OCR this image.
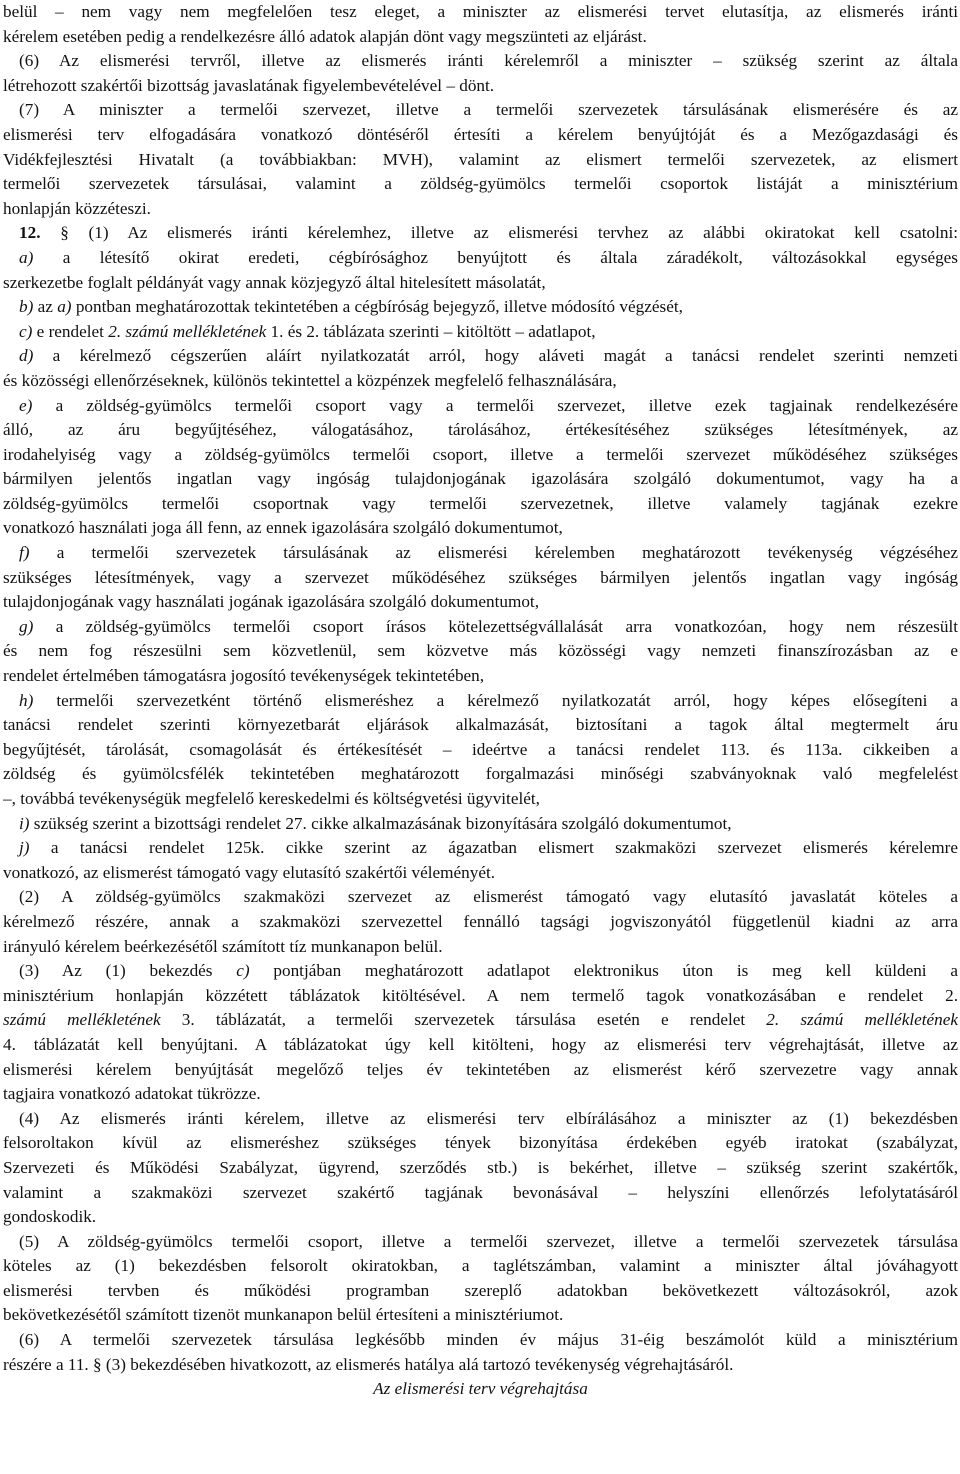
belül – nem vagy nem megfelelően tesz eleget, a miniszter az elismerési tervet elutasítja, az elismerés iránti
kérelem esetében pedig a rendelkezésre álló adatok alapján dönt vagy megszünteti az eljárást.
(6) Az elismerési tervről, illetve az elismerés iránti kérelemről a miniszter – szükség szerint az általa
létrehozott szakértői bizottság javaslatának figyelembevételével – dönt.
(7) A miniszter a termelői szervezet, illetve a termelői szervezetek társulásának elismerésére és az
elismerési terv elfogadására vonatkozó döntéséről értesíti a kérelem benyújtóját és a Mezőgazdasági és
Vidékfejlesztési Hivatalt (a továbbiakban: MVH), valamint az elismert termelői szervezetek, az elismert
termelői szervezetek társulásai, valamint a zöldség-gyümölcs termelői csoportok listáját a minisztérium
honlapján közzéteszi.
12. § (1) Az elismerés iránti kérelemhez, illetve az elismerési tervhez az alábbi okiratokat kell csatolni:
a) a létesítő okirat eredeti, cégbírósághoz benyújtott és általa záradékolt, változásokkal egységes
szerkezetbe foglalt példányát vagy annak közjegyző által hitelesített másolatát,
b) az a) pontban meghatározottak tekintetében a cégbíróság bejegyző, illetve módosító végzését,
c) e rendelet 2. számú mellékletének 1. és 2. táblázata szerinti – kitöltött – adatlapot,
d) a kérelmező cégszerűen aláírt nyilatkozatát arról, hogy aláveti magát a tanácsi rendelet szerinti nemzeti
és közösségi ellenőrzéseknek, különös tekintettel a közpénzek megfelelő felhasználására,
e) a zöldség-gyümölcs termelői csoport vagy a termelői szervezet, illetve ezek tagjainak rendelkezésére
álló, az áru begyűjtéséhez, válogatásához, tárolásához, értékesítéséhez szükséges létesítmények, az
irodahelyiség vagy a zöldség-gyümölcs termelői csoport, illetve a termelői szervezet működéséhez szükséges
bármilyen jelentős ingatlan vagy ingóság tulajdonjogának igazolására szolgáló dokumentumot, vagy ha a
zöldség-gyümölcs termelői csoportnak vagy termelői szervezetnek, illetve valamely tagjának ezekre
vonatkozó használati joga áll fenn, az ennek igazolására szolgáló dokumentumot,
f) a termelői szervezetek társulásának az elismerési kérelemben meghatározott tevékenység végzéséhez
szükséges létesítmények, vagy a szervezet működéséhez szükséges bármilyen jelentős ingatlan vagy ingóság
tulajdonjogának vagy használati jogának igazolására szolgáló dokumentumot,
g) a zöldség-gyümölcs termelői csoport írásos kötelezettségvállalását arra vonatkozóan, hogy nem részesült
és nem fog részesülni sem közvetlenül, sem közvetve más közösségi vagy nemzeti finanszírozásban az e
rendelet értelmében támogatásra jogosító tevékenységek tekintetében,
h) termelői szervezetként történő elismeréshez a kérelmező nyilatkozatát arról, hogy képes elősegíteni a
tanácsi rendelet szerinti környezetbarát eljárások alkalmazását, biztosítani a tagok által megtermelt áru
begyűjtését, tárolását, csomagolását és értékesítését – ideértve a tanácsi rendelet 113. és 113a. cikkeiben a
zöldség és gyümölcsfélék tekintetében meghatározott forgalmazási minőségi szabványoknak való megfelelést
–, továbbá tevékenységük megfelelő kereskedelmi és költségvetési ügyvitelét,
i) szükség szerint a bizottsági rendelet 27. cikke alkalmazásának bizonyítására szolgáló dokumentumot,
j) a tanácsi rendelet 125k. cikke szerint az ágazatban elismert szakmaközi szervezet elismerés kérelemre
vonatkozó, az elismerést támogató vagy elutasító szakértői véleményét.
(2) A zöldség-gyümölcs szakmaközi szervezet az elismerést támogató vagy elutasító javaslatát köteles a
kérelmező részére, annak a szakmaközi szervezettel fennálló tagsági jogviszonyától függetlenül kiadni az arra
irányuló kérelem beérkezésétől számított tíz munkanapon belül.
(3) Az (1) bekezdés c) pontjában meghatározott adatlapot elektronikus úton is meg kell küldeni a
minisztérium honlapján közzétett táblázatok kitöltésével. A nem termelő tagok vonatkozásában e rendelet 2.
számú mellékletének 3. táblázatát, a termelői szervezetek társulása esetén e rendelet 2. számú mellékletének
4. táblázatát kell benyújtani. A táblázatokat úgy kell kitölteni, hogy az elismerési terv végrehajtását, illetve az
elismerési kérelem benyújtását megelőző teljes év tekintetében az elismerést kérő szervezetre vagy annak
tagjaira vonatkozó adatokat tükrözze.
(4) Az elismerés iránti kérelem, illetve az elismerési terv elbírálásához a miniszter az (1) bekezdésben
felsoroltakon kívül az elismeréshez szükséges tények bizonyítása érdekében egyéb iratokat (szabályzat,
Szervezeti és Működési Szabályzat, ügyrend, szerződés stb.) is bekérhet, illetve – szükség szerint szakértők,
valamint a szakmaközi szervezet szakértő tagjának bevonásával – helyszíni ellenőrzés lefolytatásáról
gondoskodik.
(5) A zöldség-gyümölcs termelői csoport, illetve a termelői szervezet, illetve a termelői szervezetek társulása
köteles az (1) bekezdésben felsorolt okiratokban, a taglétszámban, valamint a miniszter által jóváhagyott
elismerési tervben és működési programban szereplő adatokban bekövetkezett változásokról, azok
bekövetkezésétől számított tizenöt munkanapon belül értesíteni a minisztériumot.
(6) A termelői szervezetek társulása legkésőbb minden év május 31-éig beszámolót küld a minisztérium
részére a 11. § (3) bekezdésében hivatkozott, az elismerés hatálya alá tartozó tevékenység végrehajtásáról.
Az elismerési terv végrehajtása
